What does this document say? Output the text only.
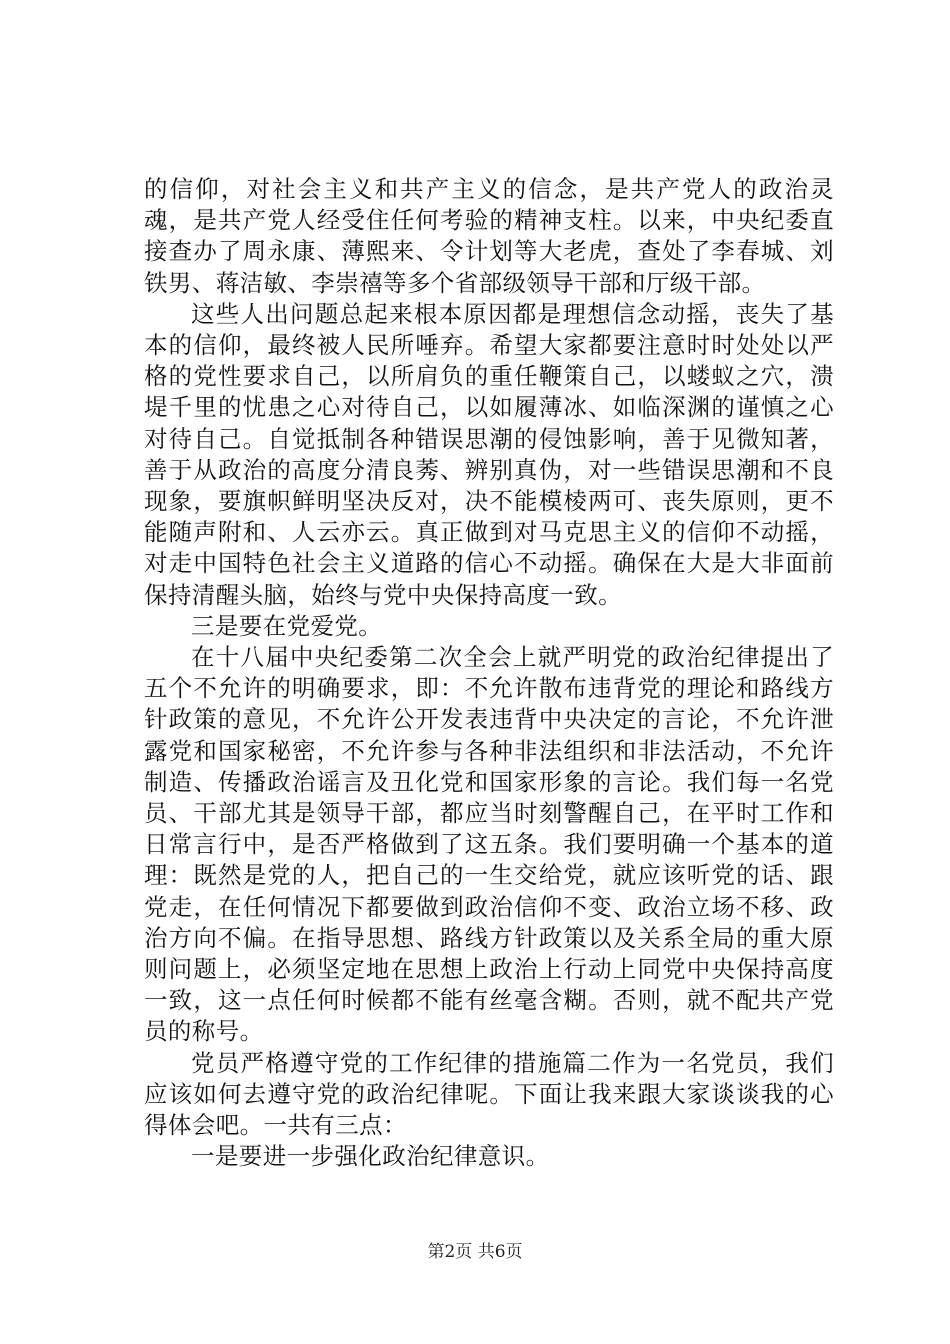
的信仰，对社会主义和共产主义的信念，是共产党人的政治灵魂，是共产党人经受住任何考验的精神支柱。以来，中央纪委直接查办了周永康、薄熙来、令计划等大老虎，查处了李春城、刘铁男、蒋洁敏、李崇禧等多个省部级领导干部和厅级干部。

这些人出问题总起来根本原因都是理想信念动摇，丧失了基本的信仰，最终被人民所唾弃。希望大家都要注意时时处处以严格的党性要求自己，以所肩负的重任鞭策自己，以蝼蚁之穴，溃堤千里的忧患之心对待自己，以如履薄冰、如临深渊的谨慎之心对待自己。自觉抵制各种错误思潮的侵蚀影响，善于见微知著，善于从政治的高度分清良莠、辨别真伪，对一些错误思潮和不良现象，要旗帜鲜明坚决反对，决不能模棱两可、丧失原则，更不能随声附和、人云亦云。真正做到对马克思主义的信仰不动摇，对走中国特色社会主义道路的信心不动摇。确保在大是大非面前保持清醒头脑，始终与党中央保持高度一致。

三是要在党爱党。

在十八届中央纪委第二次全会上就严明党的政治纪律提出了五个不允许的明确要求，即：不允许散布违背党的理论和路线方针政策的意见，不允许公开发表违背中央决定的言论，不允许泄露党和国家秘密，不允许参与各种非法组织和非法活动，不允许制造、传播政治谣言及丑化党和国家形象的言论。我们每一名党员、干部尤其是领导干部，都应当时刻警醒自己，在平时工作和日常言行中，是否严格做到了这五条。我们要明确一个基本的道理：既然是党的人，把自己的一生交给党，就应该听党的话、跟党走，在任何情况下都要做到政治信仰不变、政治立场不移、政治方向不偏。在指导思想、路线方针政策以及关系全局的重大原则问题上，必须坚定地在思想上政治上行动上同党中央保持高度一致，这一点任何时候都不能有丝毫含糊。否则，就不配共产党员的称号。

党员严格遵守党的工作纪律的措施篇二作为一名党员，我们应该如何去遵守党的政治纪律呢。下面让我来跟大家谈谈我的心得体会吧。一共有三点：

一是要进一步强化政治纪律意识。

第2页 共6页
